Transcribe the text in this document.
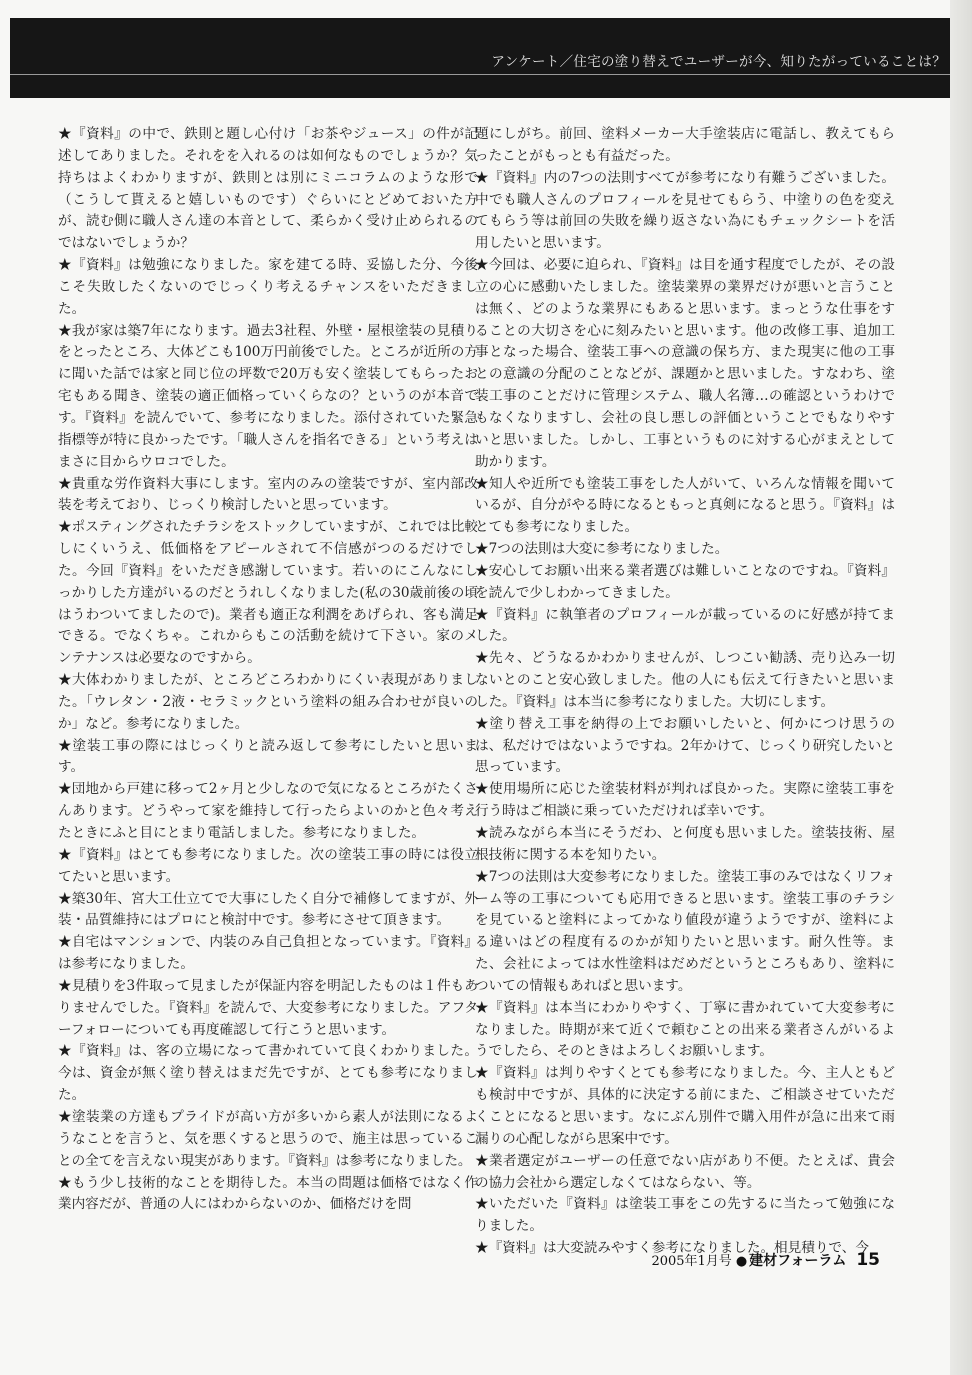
アンケート／住宅の塗り替えでユーザーが今、知りたがっていることは？

★『資料』の中で、鉄則と題し心付け「お茶やジュース」の件が記述してありました。それをを入れるのは如何なものでしょうか？気持ちはよくわかりますが、鉄則とは別にミニコラムのような形で（こうして貰えると嬉しいものです）ぐらいにとどめておいた方が、読む側に職人さん達の本音として、柔らかく受け止められるのではないでしょうか？

★『資料』は勉強になりました。家を建てる時、妥協した分、今後こそ失敗したくないのでじっくり考えるチャンスをいただきました。

★我が家は築7年になります。過去3社程、外壁・屋根塗装の見積りをとったところ、大体どこも100万円前後でした。ところが近所の方に聞いた話では家と同じ位の坪数で20万も安く塗装してもらったお宅もある聞き、塗装の適正価格っていくらなの？というのが本音です。『資料』を読んでいて、参考になりました。添付されていた緊急指標等が特に良かったです。「職人さんを指名できる」という考えはまさに目からウロコでした。

★貴重な労作資料大事にします。室内のみの塗装ですが、室内部改装を考えており、じっくり検討したいと思っています。

★ポスティングされたチラシをストックしていますが、これでは比較しにくいうえ、低価格をアピールされて不信感がつのるだけでした。今回『資料』をいただき感謝しています。若いのにこんなにしっかりした方達がいるのだとうれしくなりました(私の30歳前後の頃はうわついてましたので)。業者も適正な利潤をあげられ、客も満足できる。でなくちゃ。これからもこの活動を続けて下さい。家のメンテナンスは必要なのですから。

★大体わかりましたが、ところどころわかりにくい表現がありました。「ウレタン・2液・セラミックという塗料の組み合わせが良いのか」など。参考になりました。

★塗装工事の際にはじっくりと読み返して参考にしたいと思います。

★団地から戸建に移って2ヶ月と少しなので気になるところがたくさんあります。どうやって家を維持して行ったらよいのかと色々考えたときにふと目にとまり電話しました。参考になりました。

★『資料』はとても参考になりました。次の塗装工事の時には役立てたいと思います。

★築30年、宮大工仕立てで大事にしたく自分で補修してますが、外装・品質維持にはプロにと検討中です。参考にさせて頂きます。

★自宅はマンションで、内装のみ自己負担となっています。『資料』は参考になりました。

★見積りを3件取って見ましたが保証内容を明記したものは１件もありませんでした。『資料』を読んで、大変参考になりました。アフターフォローについても再度確認して行こうと思います。

★『資料』は、客の立場になって書かれていて良くわかりました。今は、資金が無く塗り替えはまだ先ですが、とても参考になりました。

★塗装業の方達もプライドが高い方が多いから素人が法則になるようなことを言うと、気を悪くすると思うので、施主は思っていることの全てを言えない現実があります。『資料』は参考になりました。

★もう少し技術的なことを期待した。本当の問題は価格ではなく作業内容だが、普通の人にはわからないのか、価格だけを問

題にしがち。前回、塗料メーカー大手塗装店に電話し、教えてもらったことがもっとも有益だった。

★『資料』内の7つの法則すべてが参考になり有難うございました。中でも職人さんのプロフィールを見せてもらう、中塗りの色を変えてもらう等は前回の失敗を繰り返さない為にもチェックシートを活用したいと思います。

★今回は、必要に迫られ、『資料』は目を通す程度でしたが、その設立の心に感動いたしました。塗装業界の業界だけが悪いと言うことは無く、どのような業界にもあると思います。まっとうな仕事をすることの大切さを心に刻みたいと思います。他の改修工事、追加工事となった場合、塗装工事への意識の保ち方、また現実に他の工事との意識の分配のことなどが、課題かと思いました。すなわち、塗装工事のことだけに管理システム、職人名簿…の確認というわけでもなくなりますし、会社の良し悪しの評価ということでもなりやすいと思いました。しかし、工事というものに対する心がまえとして助かります。

★知人や近所でも塗装工事をした人がいて、いろんな情報を聞いているが、自分がやる時になるともっと真剣になると思う。『資料』はとても参考になりました。

★7つの法則は大変に参考になりました。

★安心してお願い出来る業者選びは難しいことなのですね。『資料』を読んで少しわかってきました。

★『資料』に執筆者のプロフィールが載っているのに好感が持てました。

★先々、どうなるかわかりませんが、しつこい勧誘、売り込み一切ないとのこと安心致しました。他の人にも伝えて行きたいと思いました。『資料』は本当に参考になりました。大切にします。

★塗り替え工事を納得の上でお願いしたいと、何かにつけ思うのは、私だけではないようですね。2年かけて、じっくり研究したいと思っています。

★使用場所に応じた塗装材料が判れば良かった。実際に塗装工事を行う時はご相談に乗っていただければ幸いです。

★読みながら本当にそうだわ、と何度も思いました。塗装技術、屋根技術に関する本を知りたい。

★7つの法則は大変参考になりました。塗装工事のみではなくリフォーム等の工事についても応用できると思います。塗装工事のチラシを見ていると塗料によってかなり値段が違うようですが、塗料による違いはどの程度有るのかが知りたいと思います。耐久性等。また、会社によっては水性塗料はだめだというところもあり、塗料についての情報もあればと思います。

★『資料』は本当にわかりやすく、丁寧に書かれていて大変参考になりました。時期が来て近くで頼むことの出来る業者さんがいるようでしたら、そのときはよろしくお願いします。

★『資料』は判りやすくとても参考になりました。今、主人ともども検討中ですが、具体的に決定する前にまた、ご相談させていただくことになると思います。なにぶん別件で購入用件が急に出来て雨漏りの心配しながら思案中です。

★業者選定がユーザーの任意でない店があり不便。たとえば、貴会の協力会社から選定しなくてはならない、等。

★いただいた『資料』は塗装工事をこの先するに当たって勉強になりました。

★『資料』は大変読みやすく参考になりました。相見積りで、今

2005年1月号 ● 建材フォーラム 15
